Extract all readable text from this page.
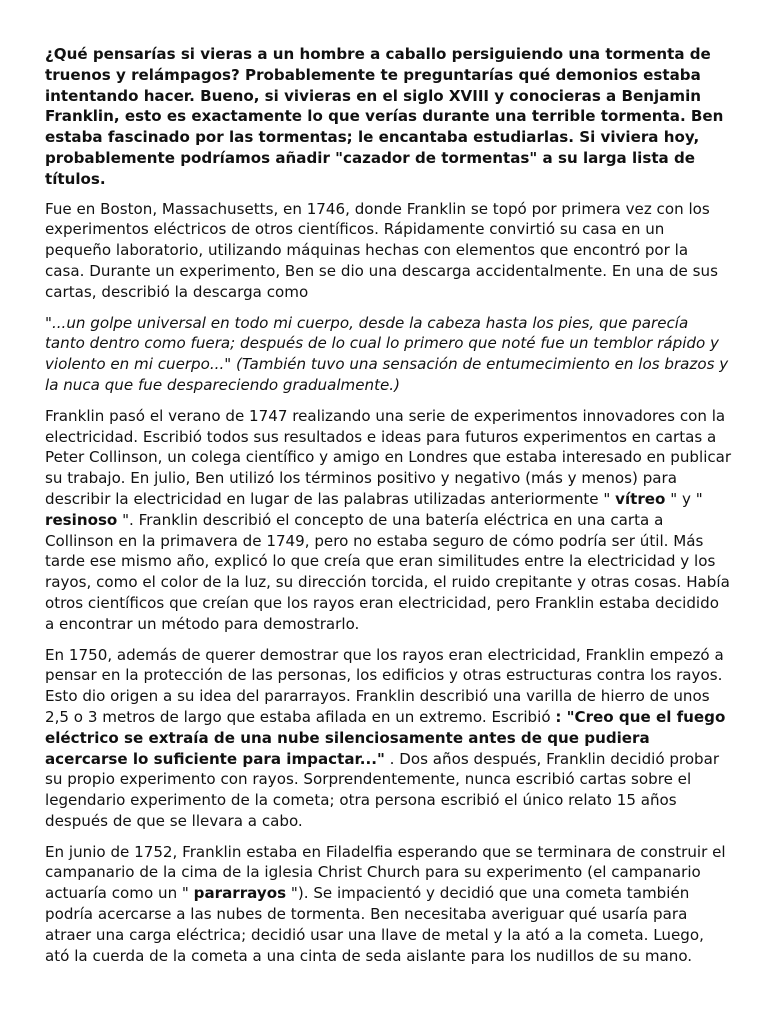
¿Qué pensarías si vieras a un hombre a caballo persiguiendo una tormenta de truenos y relámpagos? Probablemente te preguntarías qué demonios estaba intentando hacer. Bueno, si vivieras en el siglo XVIII y conocieras a Benjamin Franklin, esto es exactamente lo que verías durante una terrible tormenta. Ben estaba fascinado por las tormentas; le encantaba estudiarlas. Si viviera hoy, probablemente podríamos añadir "cazador de tormentas" a su larga lista de títulos.

Fue en Boston, Massachusetts, en 1746, donde Franklin se topó por primera vez con los experimentos eléctricos de otros científicos. Rápidamente convirtió su casa en un pequeño laboratorio, utilizando máquinas hechas con elementos que encontró por la casa. Durante un experimento, Ben se dio una descarga accidentalmente. En una de sus cartas, describió la descarga como

"...un golpe universal en todo mi cuerpo, desde la cabeza hasta los pies, que parecía tanto dentro como fuera; después de lo cual lo primero que noté fue un temblor rápido y violento en mi cuerpo..." (También tuvo una sensación de entumecimiento en los brazos y la nuca que fue despareciendo gradualmente.)

Franklin pasó el verano de 1747 realizando una serie de experimentos innovadores con la electricidad. Escribió todos sus resultados e ideas para futuros experimentos en cartas a Peter Collinson, un colega científico y amigo en Londres que estaba interesado en publicar su trabajo. En julio, Ben utilizó los términos positivo y negativo (más y menos) para describir la electricidad en lugar de las palabras utilizadas anteriormente " vítreo " y " resinoso ". Franklin describió el concepto de una batería eléctrica en una carta a Collinson en la primavera de 1749, pero no estaba seguro de cómo podría ser útil. Más tarde ese mismo año, explicó lo que creía que eran similitudes entre la electricidad y los rayos, como el color de la luz, su dirección torcida, el ruido crepitante y otras cosas. Había otros científicos que creían que los rayos eran electricidad, pero Franklin estaba decidido a encontrar un método para demostrarlo.

En 1750, además de querer demostrar que los rayos eran electricidad, Franklin empezó a pensar en la protección de las personas, los edificios y otras estructuras contra los rayos. Esto dio origen a su idea del pararrayos. Franklin describió una varilla de hierro de unos 2,5 o 3 metros de largo que estaba afilada en un extremo. Escribió : "Creo que el fuego eléctrico se extraía de una nube silenciosamente antes de que pudiera acercarse lo suficiente para impactar..." . Dos años después, Franklin decidió probar su propio experimento con rayos. Sorprendentemente, nunca escribió cartas sobre el legendario experimento de la cometa; otra persona escribió el único relato 15 años después de que se llevara a cabo.

En junio de 1752, Franklin estaba en Filadelfia esperando que se terminara de construir el campanario de la cima de la iglesia Christ Church para su experimento (el campanario actuaría como un " pararrayos "). Se impacientó y decidió que una cometa también podría acercarse a las nubes de tormenta. Ben necesitaba averiguar qué usaría para atraer una carga eléctrica; decidió usar una llave de metal y la ató a la cometa. Luego, ató la cuerda de la cometa a una cinta de seda aislante para los nudillos de su mano.
